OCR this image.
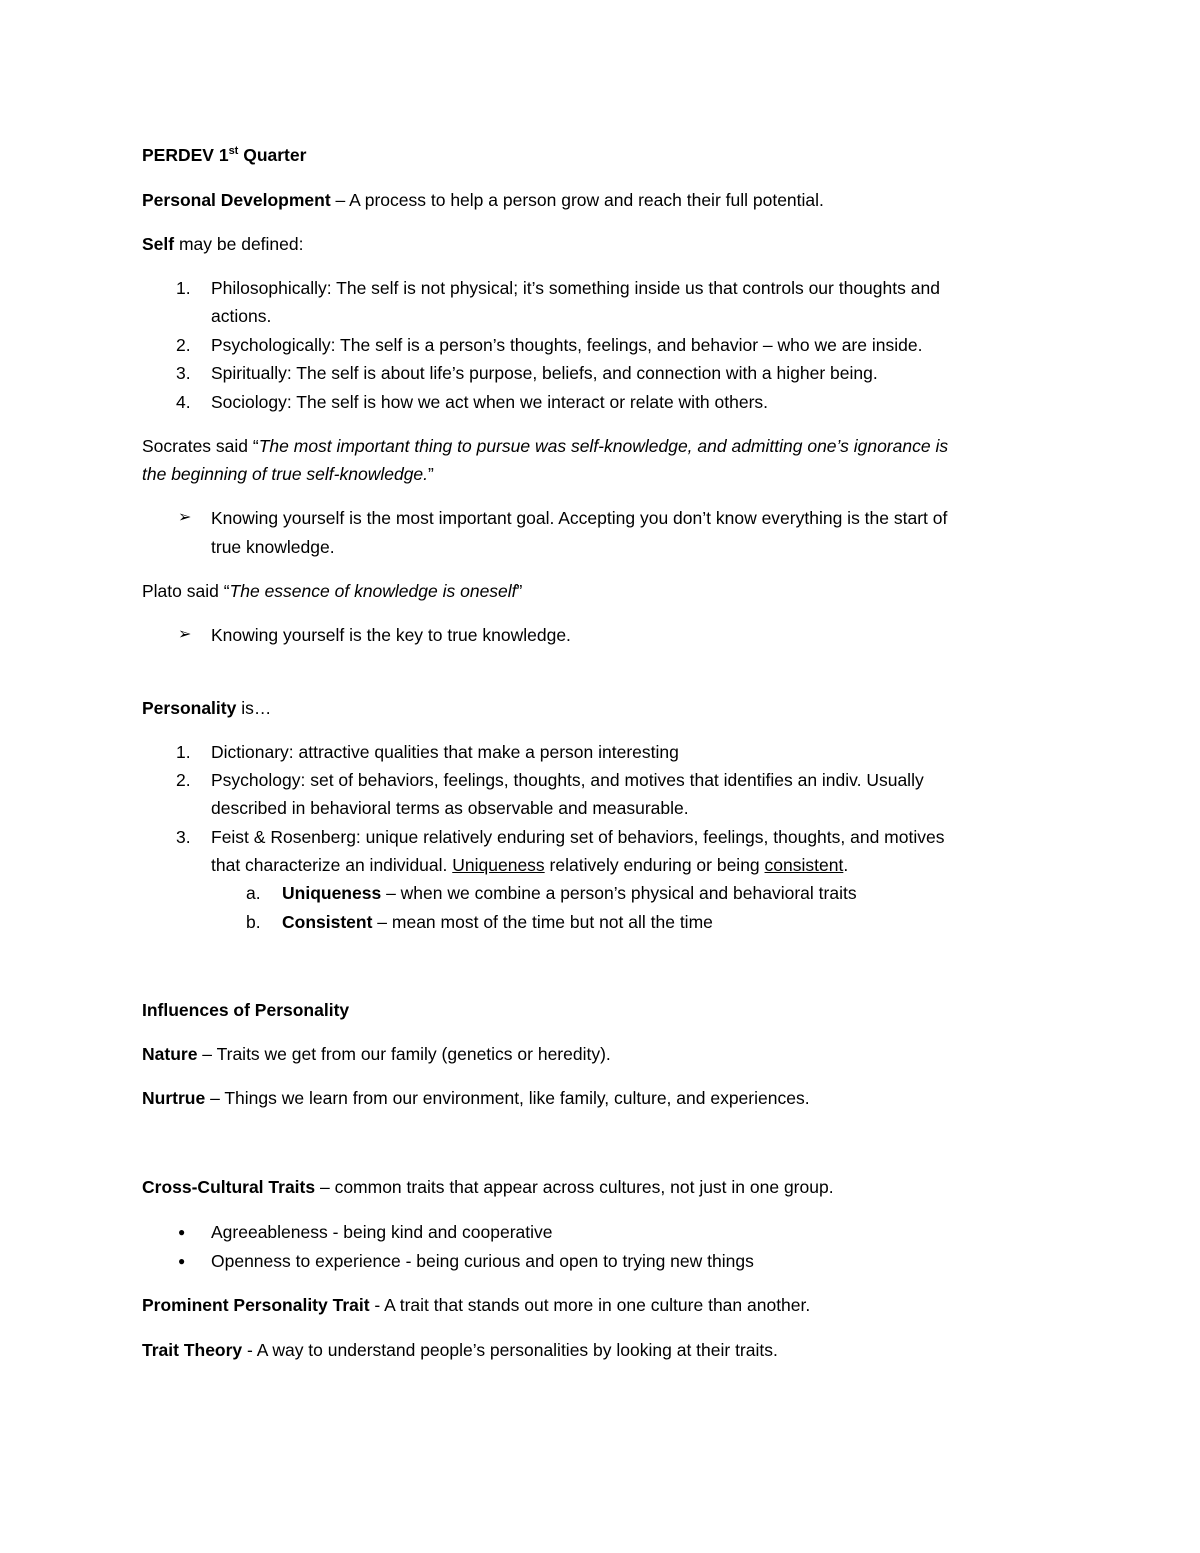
PERDEV 1st Quarter
Personal Development – A process to help a person grow and reach their full potential.
Self may be defined:
1. Philosophically: The self is not physical; it’s something inside us that controls our thoughts and
actions.
2. Psychologically: The self is a person’s thoughts, feelings, and behavior – who we are inside.
3. Spiritually: The self is about life’s purpose, beliefs, and connection with a higher being.
4. Sociology: The self is how we act when we interact or relate with others.
Socrates said “The most important thing to pursue was self-knowledge, and admitting one’s ignorance is
the beginning of true self-knowledge.”
➢ Knowing yourself is the most important goal. Accepting you don’t know everything is the start of
true knowledge.
Plato said “The essence of knowledge is oneself”
➢ Knowing yourself is the key to true knowledge.
Personality is…
1. Dictionary: attractive qualities that make a person interesting
2. Psychology: set of behaviors, feelings, thoughts, and motives that identifies an indiv. Usually
described in behavioral terms as observable and measurable.
3. Feist & Rosenberg: unique relatively enduring set of behaviors, feelings, thoughts, and motives
that characterize an individual. Uniqueness relatively enduring or being consistent.
a. Uniqueness – when we combine a person’s physical and behavioral traits
b. Consistent – mean most of the time but not all the time
Influences of Personality
Nature – Traits we get from our family (genetics or heredity).
Nurtrue – Things we learn from our environment, like family, culture, and experiences.
Cross-Cultural Traits – common traits that appear across cultures, not just in one group.
● Agreeableness - being kind and cooperative
● Openness to experience - being curious and open to trying new things
Prominent Personality Trait - A trait that stands out more in one culture than another.
Trait Theory - A way to understand people’s personalities by looking at their traits.
